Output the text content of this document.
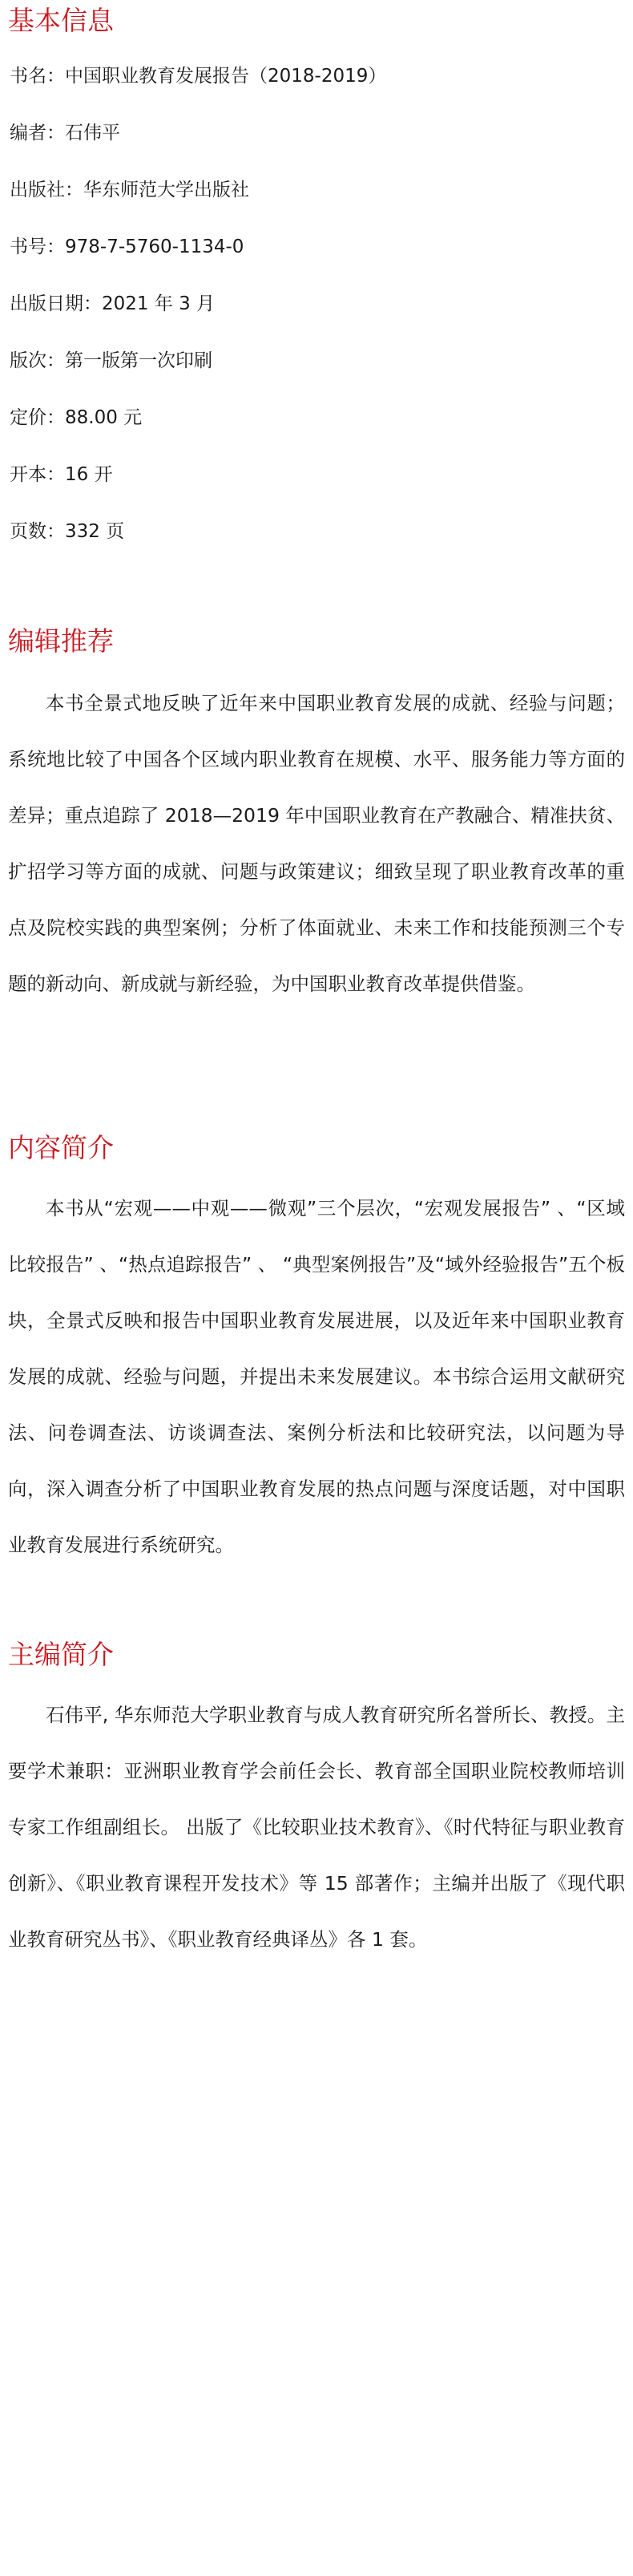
基本信息
书名：中国职业教育发展报告（2018-2019）
编者：石伟平
出版社：华东师范大学出版社
书号：978-7-5760-1134-0
出版日期：2021 年 3 月
版次：第一版第一次印刷
定价：88.00 元
开本：16 开
页数：332 页
编辑推荐

本书全景式地反映了近年来中国职业教育发展的成就、经验与问题；系统地比较了中国各个区域内职业教育在规模、水平、服务能力等方面的差异；重点追踪了 2018—2019 年中国职业教育在产教融合、精准扶贫、扩招学习等方面的成就、问题与政策建议；细致呈现了职业教育改革的重点及院校实践的典型案例；分析了体面就业、未来工作和技能预测三个专题的新动向、新成就与新经验，为中国职业教育改革提供借鉴。

内容简介

本书从“宏观——中观——微观”三个层次，“宏观发展报告” 、“区域比较报告” 、“热点追踪报告” 、 “典型案例报告”及“域外经验报告”五个板块，全景式反映和报告中国职业教育发展进展，以及近年来中国职业教育发展的成就、经验与问题，并提出未来发展建议。本书综合运用文献研究法、问卷调查法、访谈调查法、案例分析法和比较研究法，以问题为导向，深入调查分析了中国职业教育发展的热点问题与深度话题，对中国职业教育发展进行系统研究。

主编简介

石伟平, 华东师范大学职业教育与成人教育研究所名誉所长、教授。主要学术兼职：亚洲职业教育学会前任会长、教育部全国职业院校教师培训专家工作组副组长。 出版了《比较职业技术教育》、《时代特征与职业教育创新》、《职业教育课程开发技术》等 15 部著作；主编并出版了《现代职业教育研究丛书》、《职业教育经典译丛》各 1 套。
